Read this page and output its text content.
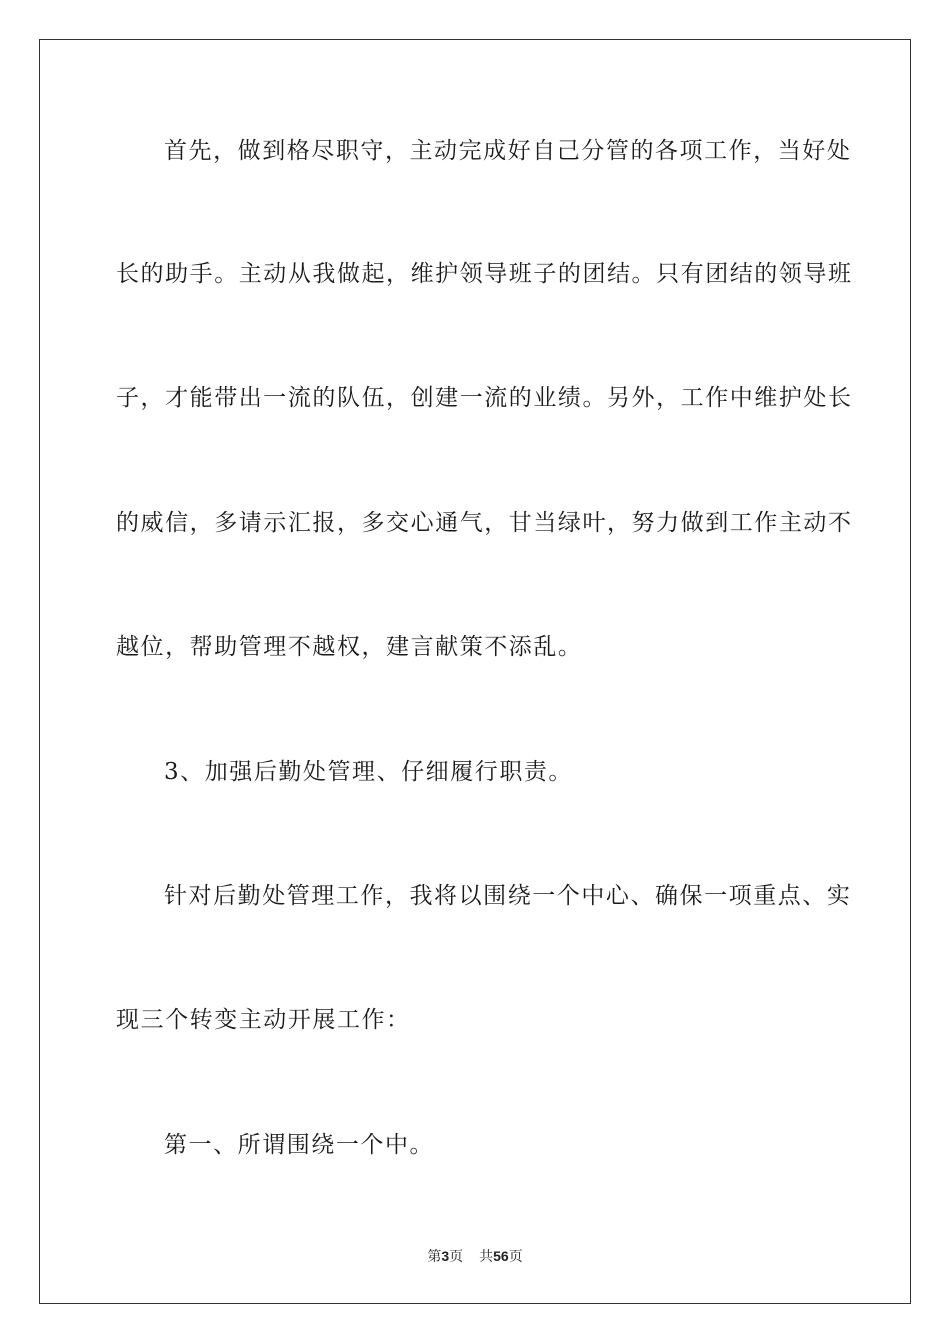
首先，做到格尽职守，主动完成好自己分管的各项工作，当好处
长的助手。主动从我做起，维护领导班子的团结。只有团结的领导班
子，才能带出一流的队伍，创建一流的业绩。另外，工作中维护处长
的威信，多请示汇报，多交心通气，甘当绿叶，努力做到工作主动不
越位，帮助管理不越权，建言献策不添乱。
3、加强后勤处管理、仔细履行职责。
针对后勤处管理工作，我将以围绕一个中心、确保一项重点、实
现三个转变主动开展工作：
第一、所谓围绕一个中。
第3页 共56页
